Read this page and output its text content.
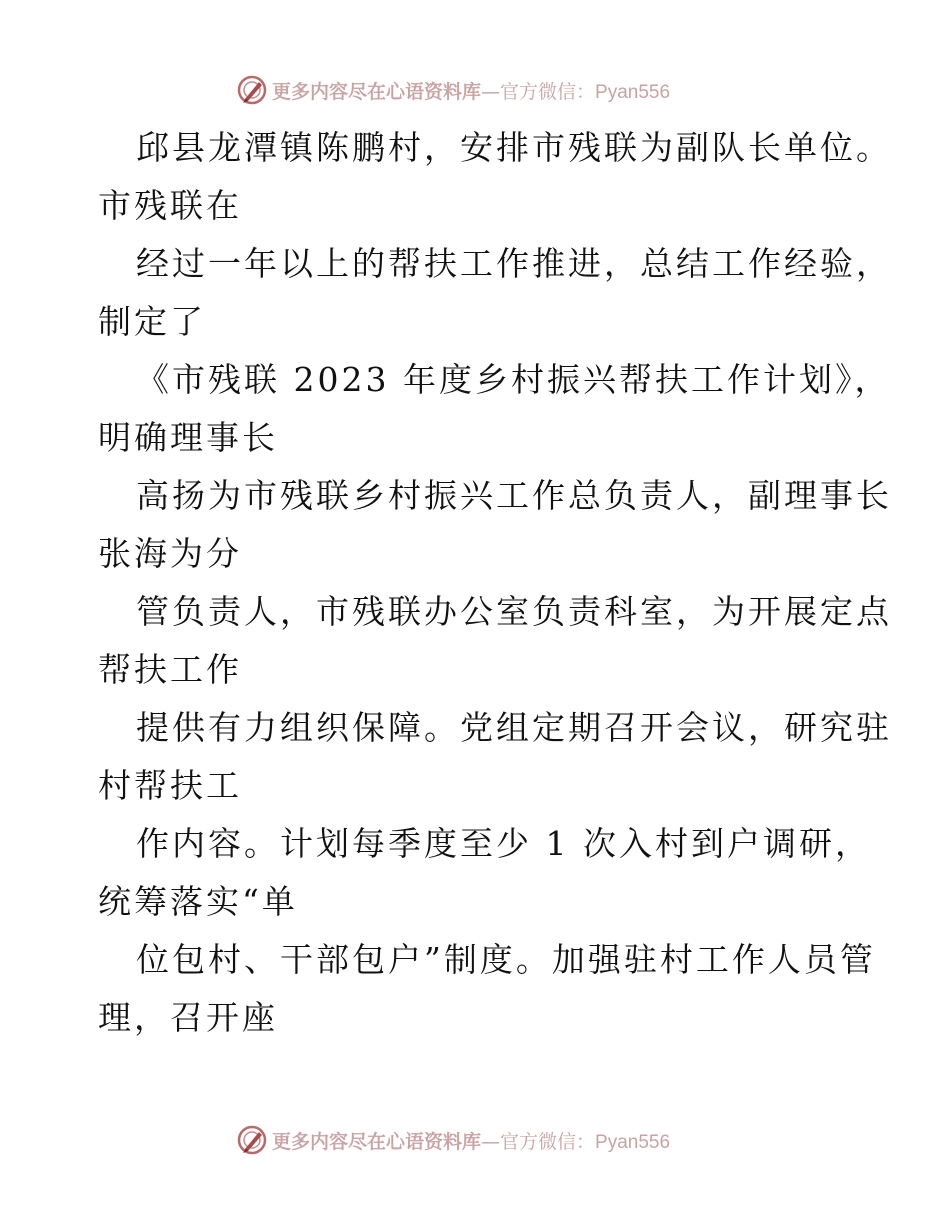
更多内容尽在心语资料库—官方微信：Pyan556
邱县龙潭镇陈鹏村，安排市残联为副队长单位。
市残联在
经过一年以上的帮扶工作推进，总结工作经验，
制定了
《市残联 2023 年度乡村振兴帮扶工作计划》，
明确理事长
高扬为市残联乡村振兴工作总负责人，副理事长
张海为分
管负责人，市残联办公室负责科室，为开展定点
帮扶工作
提供有力组织保障。党组定期召开会议，研究驻
村帮扶工
作内容。计划每季度至少 1 次入村到户调研，
统筹落实“单
位包村、干部包户”制度。加强驻村工作人员管
理，召开座
更多内容尽在心语资料库—官方微信：Pyan556
